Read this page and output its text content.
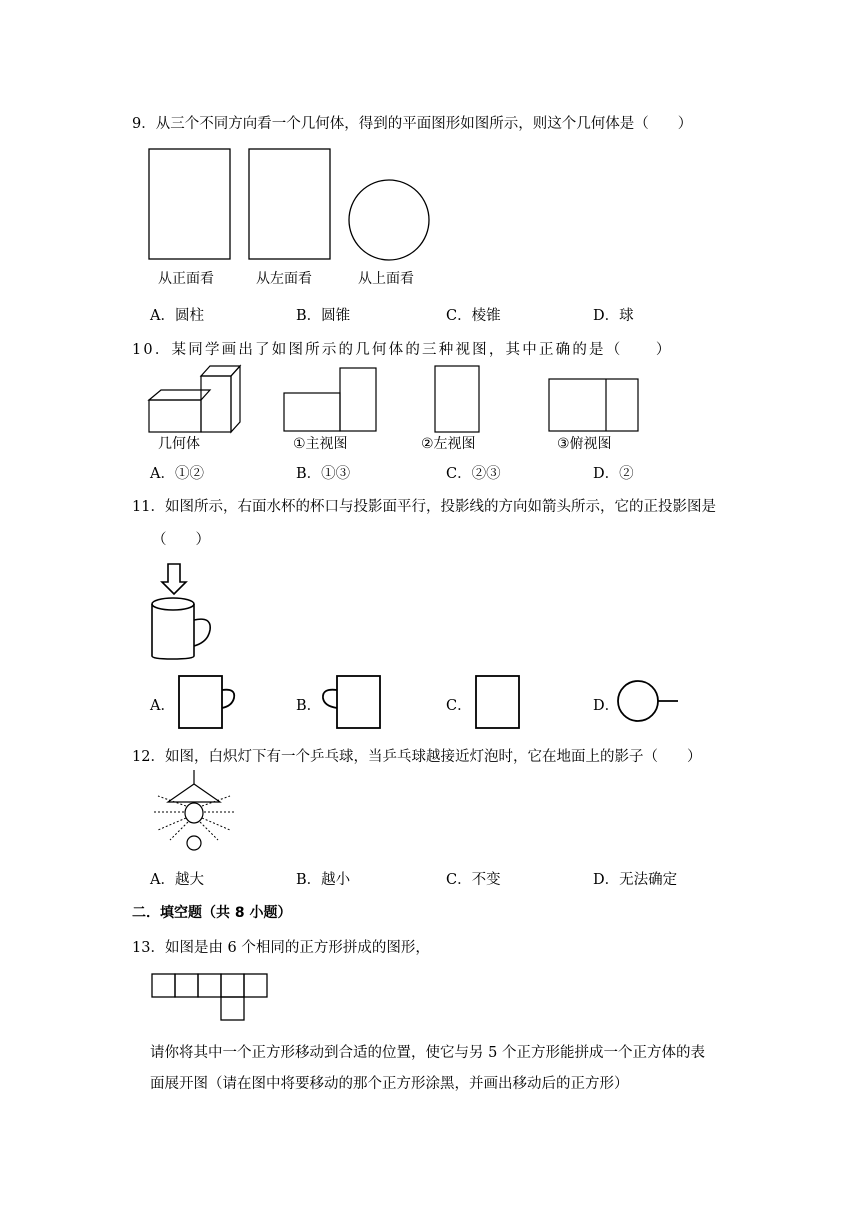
9．从三个不同方向看一个几何体，得到的平面图形如图所示，则这个几何体是（　　）
从正面看	从左面看	从上面看
A．圆柱	B．圆锥	C．棱锥	D．球
10．某同学画出了如图所示的几何体的三种视图，其中正确的是（　　）
几何体	①主视图	②左视图	③俯视图
A．①②	B．①③	C．②③	D．②
11．如图所示，右面水杯的杯口与投影面平行，投影线的方向如箭头所示，它的正投影图是
（　　）
A．	B．	C．	D．
12．如图，白炽灯下有一个乒乓球，当乒乓球越接近灯泡时，它在地面上的影子（　　）
A．越大	B．越小	C．不变	D．无法确定
二．填空题（共 8 小题）
13．如图是由 6 个相同的正方形拼成的图形，
请你将其中一个正方形移动到合适的位置，使它与另 5 个正方形能拼成一个正方体的表
面展开图（请在图中将要移动的那个正方形涂黑，并画出移动后的正方形）
